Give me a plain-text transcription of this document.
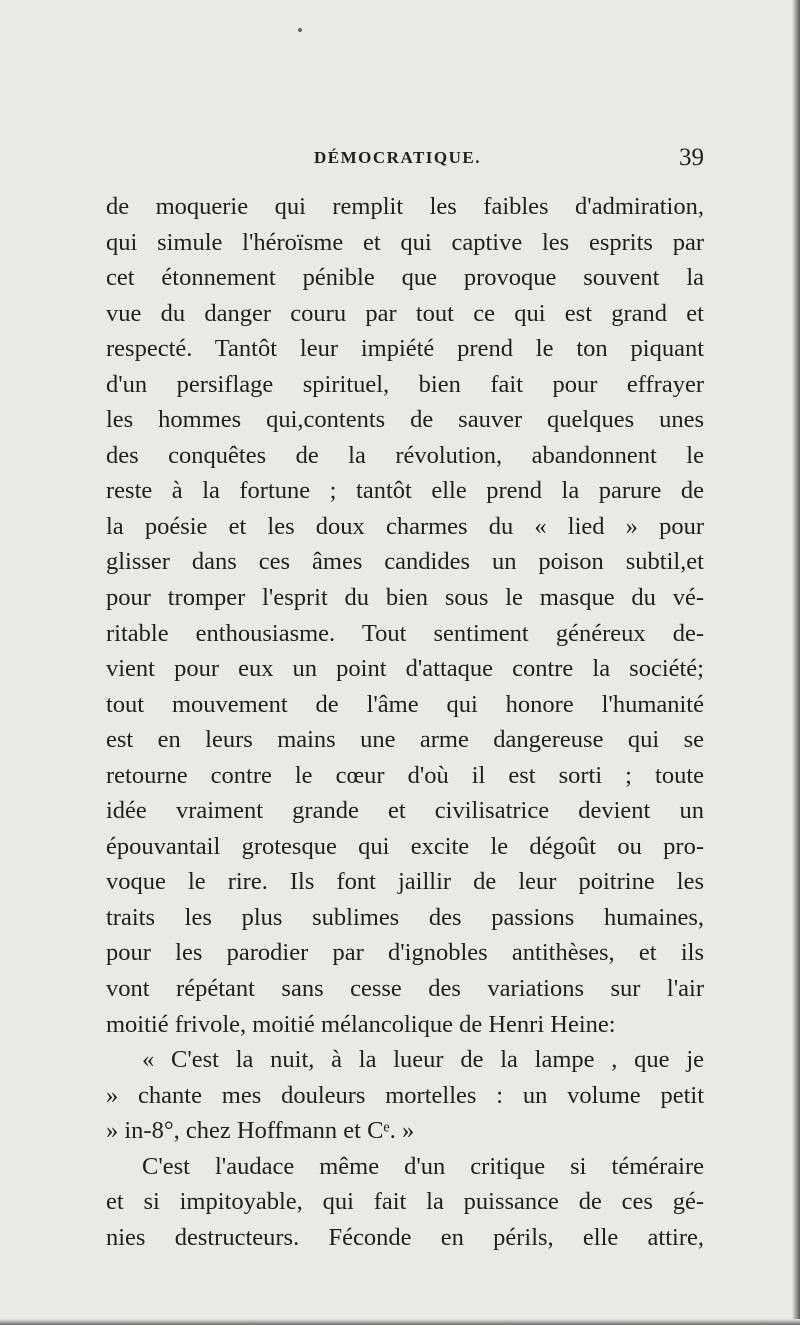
DÉMOCRATIQUE.	39
de moquerie qui remplit les faibles d'admiration,
qui simule l'héroïsme et qui captive les esprits par
cet étonnement pénible que provoque souvent la
vue du danger couru par tout ce qui est grand et
respecté. Tantôt leur impiété prend le ton piquant
d'un persiflage spirituel, bien fait pour effrayer
les hommes qui,contents de sauver quelques unes
des conquêtes de la révolution, abandonnent le
reste à la fortune ; tantôt elle prend la parure de
la poésie et les doux charmes du « lied » pour
glisser dans ces âmes candides un poison subtil,et
pour tromper l'esprit du bien sous le masque du vé-
ritable enthousiasme. Tout sentiment généreux de-
vient pour eux un point d'attaque contre la société;
tout mouvement de l'âme qui honore l'humanité
est en leurs mains une arme dangereuse qui se
retourne contre le cœur d'où il est sorti ; toute
idée vraiment grande et civilisatrice devient un
épouvantail grotesque qui excite le dégoût ou pro-
voque le rire. Ils font jaillir de leur poitrine les
traits les plus sublimes des passions humaines,
pour les parodier par d'ignobles antithèses, et ils
vont répétant sans cesse des variations sur l'air
moitié frivole, moitié mélancolique de Henri Heine:
« C'est la nuit, à la lueur de la lampe , que je
» chante mes douleurs mortelles : un volume petit
» in-8°, chez Hoffmann et Cᵉ. »
C'est l'audace même d'un critique si téméraire
et si impitoyable, qui fait la puissance de ces gé-
nies destructeurs. Féconde en périls, elle attire,
